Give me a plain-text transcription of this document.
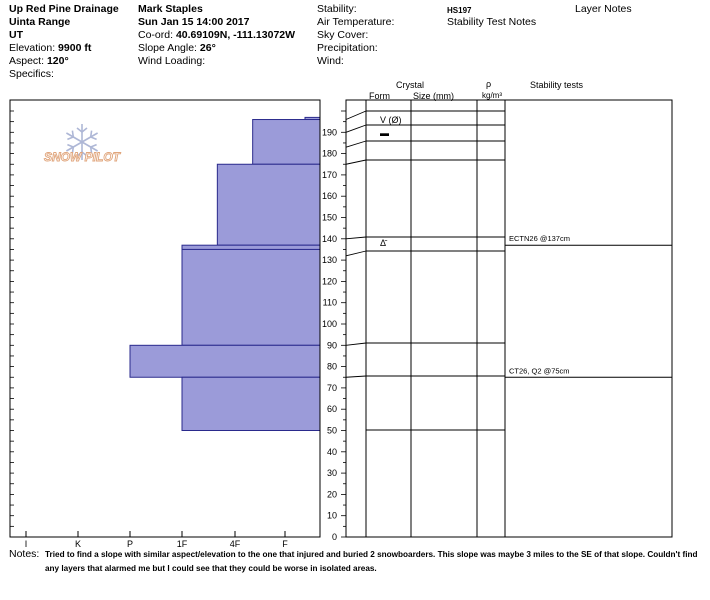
Up Red Pine Drainage
Uinta Range
UT
Elevation: 9900 ft
Aspect: 120°
Specifics:
Mark Staples
Sun Jan 15 14:00 2017
Co-ord: 40.69109N, -111.13072W
Slope Angle: 26°
Wind Loading:
Stability:
Air Temperature:
Sky Cover:
Precipitation:
Wind:
HS197
Stability Test Notes
Layer Notes
Crystal
Form	Size (mm)
ρ
kg/m³
Stability tests
SNOW PILOT
V (Ø)
▬
Δ̄	ECTN26 @137cm
CT26, Q2 @75cm
I	K	P	1F	4F	F
0
10
20
30
40
50
60
70
80
90
100
110
120
130
140
150
160
170
180
190
Notes: Tried to find a slope with similar aspect/elevation to the one that injured and buried 2 snowboarders. This slope was maybe 3 miles to the SE of that slope. Couldn't find any layers that alarmed me but I could see that they could be worse in isolated areas.
